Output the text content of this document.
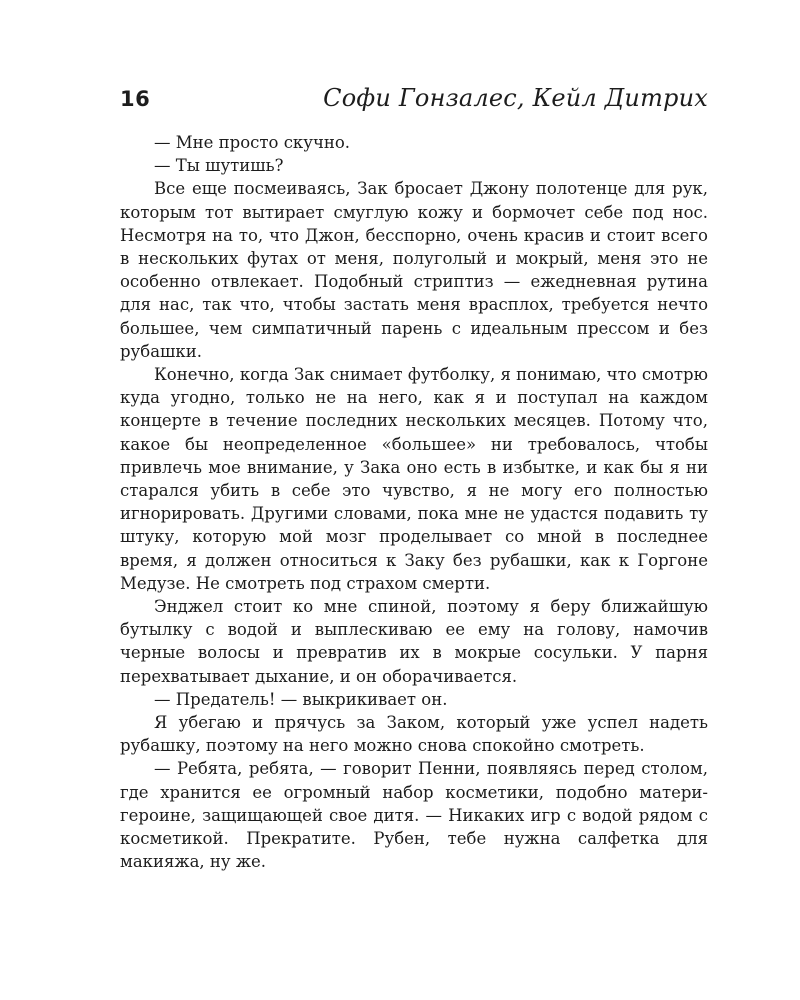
16	Софи Гонзалес, Кейл Дитрих

— Мне просто скучно.

— Ты шутишь?

Все еще посмеиваясь, Зак бросает Джону полотенце для рук, которым тот вытирает смуглую кожу и бормочет себе под нос. Несмотря на то, что Джон, бесспорно, очень красив и стоит всего в нескольких футах от меня, полуголый и мокрый, меня это не особенно отвлекает. Подобный стриптиз — ежедневная рутина для нас, так что, чтобы застать меня врасплох, требуется нечто большее, чем симпатичный парень с идеальным прессом и без рубашки.

Конечно, когда Зак снимает футболку, я понимаю, что смотрю куда угодно, только не на него, как я и поступал на каждом концерте в течение последних нескольких месяцев. Потому что, какое бы неопределенное «большее» ни требовалось, чтобы привлечь мое внимание, у Зака оно есть в избытке, и как бы я ни старался убить в себе это чувство, я не могу его полностью игнорировать. Другими словами, пока мне не удастся подавить ту штуку, которую мой мозг проделывает со мной в последнее время, я должен относиться к Заку без рубашки, как к Горгоне Медузе. Не смотреть под страхом смерти.

Энджел стоит ко мне спиной, поэтому я беру ближайшую бутылку с водой и выплескиваю ее ему на голову, намочив черные волосы и превратив их в мокрые сосульки. У парня перехватывает дыхание, и он оборачивается.

— Предатель! — выкрикивает он.

Я убегаю и прячусь за Заком, который уже успел надеть рубашку, поэтому на него можно снова спокойно смотреть.

— Ребята, ребята, — говорит Пенни, появляясь перед столом, где хранится ее огромный набор косметики, подобно матери-героине, защищающей свое дитя. — Никаких игр с водой рядом с косметикой. Прекратите. Рубен, тебе нужна салфетка для макияжа, ну же.
